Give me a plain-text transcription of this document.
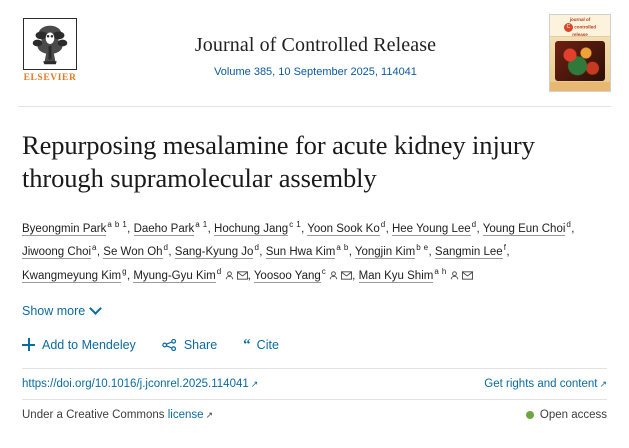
ELSEVIER
Journal of Controlled Release
Volume 385, 10 September 2025, 114041
journal of
C controlled
release
Repurposing mesalamine for acute kidney injury through supramolecular assembly
Byeongmin Park$^{a b 1}$, Daeho Park$^{a 1}$, Hochung Jang$^{c 1}$, Yoon Sook Ko$^d$, Hee Young Lee$^d$, Young Eun Choi$^d$, Jiwoong Choi$^a$, Se Won Oh$^d$, Sang-Kyung Jo$^d$, Sun Hwa Kim$^{a b}$, Yongjin Kim$^{b e}$, Sangmin Lee$^f$, Kwangmeyung Kim$^g$, Myung-Gyu Kim$^d$ , Yoosoo Yang$^c$ , Man Kyu Shim$^{a h}$
Show more
Add to Mendeley	Share “ Cite
https://doi.org/10.1016/j.jconrel.2025.114041 ↗	Get rights and content ↗
Under a Creative Commons license ↗	Open access
